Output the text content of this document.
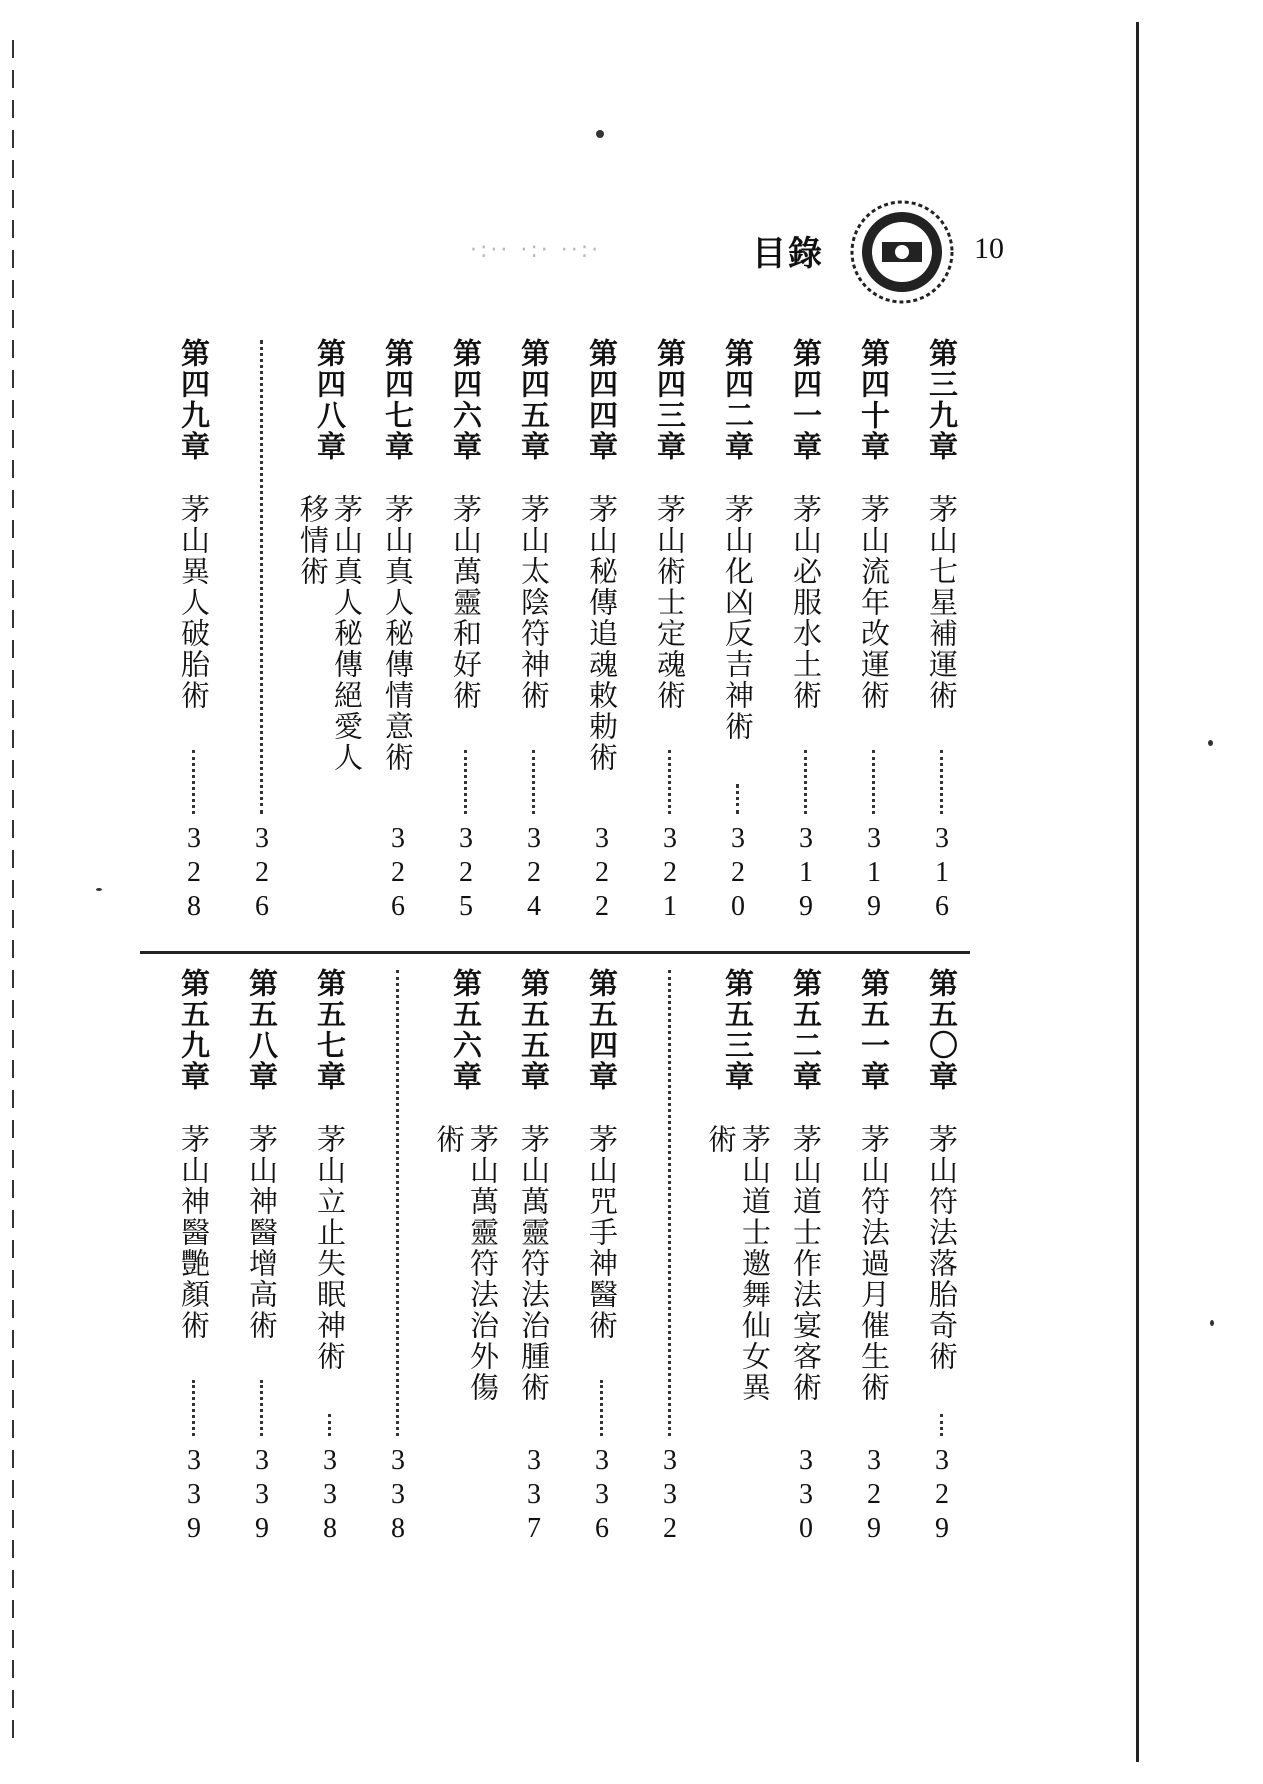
·:·· ·:· ··:·	目錄	10
第三九章
茅山七星補運術
3
1
6
第四十章
茅山流年改運術
3
1
9
第四一章
茅山必服水土術
3
1
9
第四二章
茅山化凶反吉神術
3
2
0
第四三章
茅山術士定魂術
3
2
1
第四四章
茅山秘傳追魂敕勅術
3
2
2
第四五章
茅山太陰符神術
3
2
4
第四六章
茅山萬靈和好術
3
2
5
第四七章
茅山真人秘傳情意術
3
2
6
第四八章
茅山真人秘傳絕愛人移情術
3
2
6
第四九章
茅山異人破胎術
3
2
8
第五〇章
茅山符法落胎奇術
3
2
9
第五一章
茅山符法過月催生術
3
2
9
第五二章
茅山道士作法宴客術
3
3
0
第五三章
茅山道士邀舞仙女異術
3
3
2
第五四章
茅山咒手神醫術
3
3
6
第五五章
茅山萬靈符法治腫術
3
3
7
第五六章
茅山萬靈符法治外傷術
3
3
8
第五七章
茅山立止失眠神術
3
3
8
第五八章
茅山神醫增高術
3
3
9
第五九章
茅山神醫艷顏術
3
3
9
